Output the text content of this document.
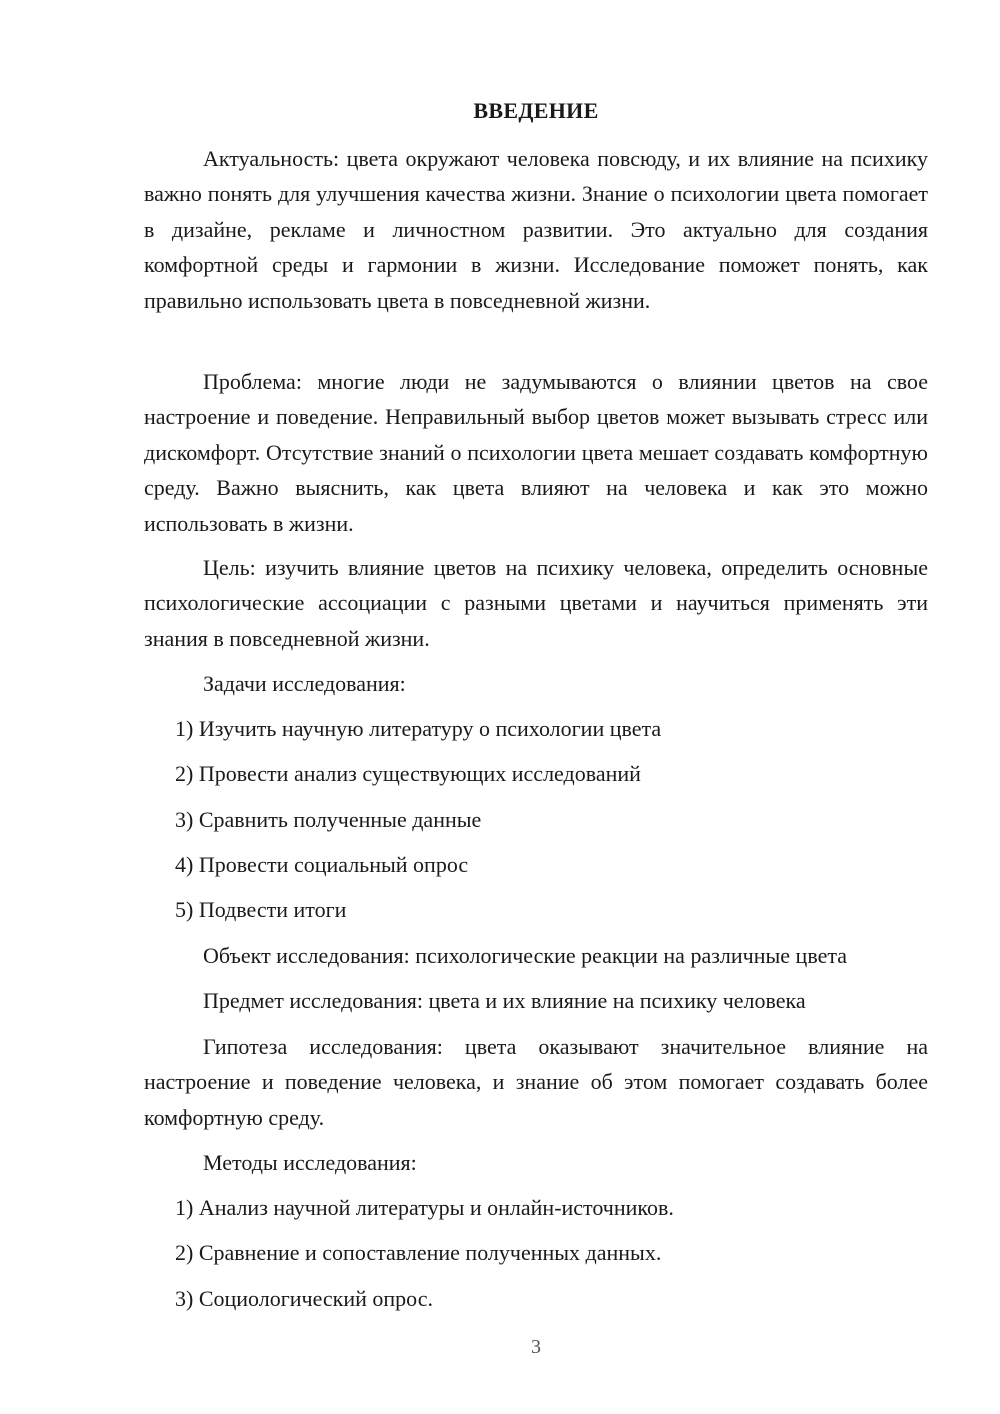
ВВЕДЕНИЕ

Актуальность: цвета окружают человека повсюду, и их влияние на психику важно понять для улучшения качества жизни. Знание о психологии цвета помогает в дизайне, рекламе и личностном развитии. Это актуально для создания комфортной среды и гармонии в жизни. Исследование поможет понять, как правильно использовать цвета в повседневной жизни.

Проблема: многие люди не задумываются о влиянии цветов на свое настроение и поведение. Неправильный выбор цветов может вызывать стресс или дискомфорт. Отсутствие знаний о психологии цвета мешает создавать комфортную среду. Важно выяснить, как цвета влияют на человека и как это можно использовать в жизни.

Цель: изучить влияние цветов на психику человека, определить основные психологические ассоциации с разными цветами и научиться применять эти знания в повседневной жизни.

Задачи исследования:
1) Изучить научную литературу о психологии цвета
2) Провести анализ существующих исследований
3) Сравнить полученные данные
4) Провести социальный опрос
5) Подвести итоги
Объект исследования: психологические реакции на различные цвета
Предмет исследования: цвета и их влияние на психику человека

Гипотеза исследования: цвета оказывают значительное влияние на настроение и поведение человека, и знание об этом помогает создавать более комфортную среду.

Методы исследования:
1) Анализ научной литературы и онлайн-источников.
2) Сравнение и сопоставление полученных данных.
3) Социологический опрос.
3
